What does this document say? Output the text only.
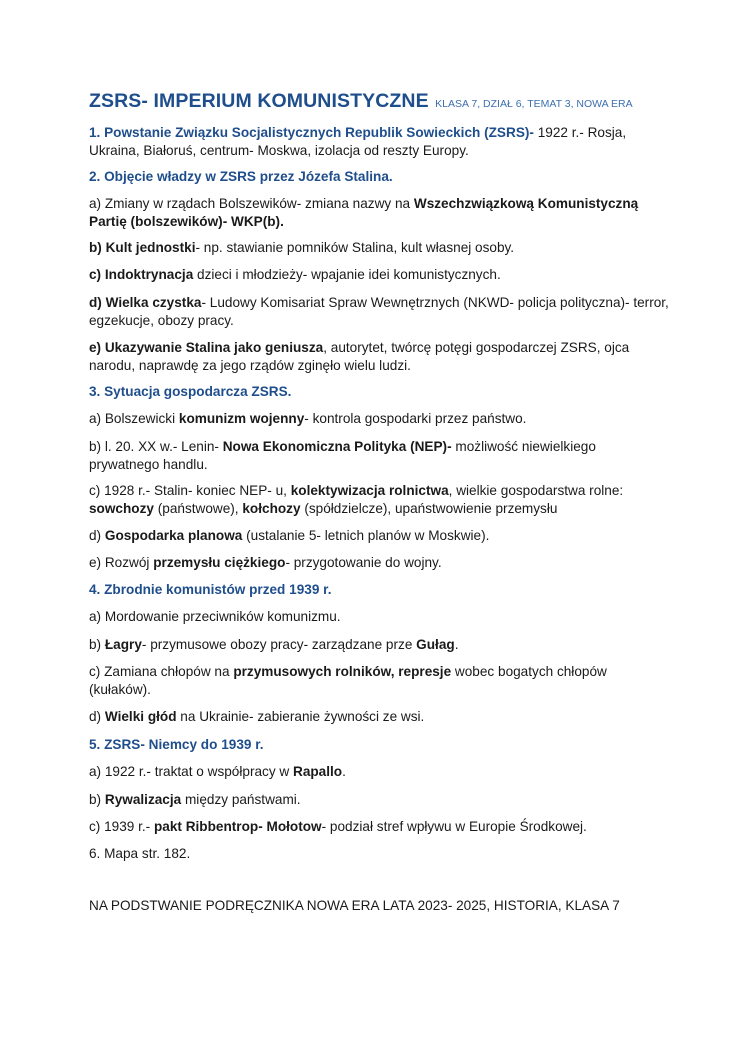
ZSRS- IMPERIUM KOMUNISTYCZNE KLASA 7, DZIAŁ 6, TEMAT 3, NOWA ERA
1. Powstanie Związku Socjalistycznych Republik Sowieckich (ZSRS)- 1922 r.- Rosja, Ukraina, Białoruś, centrum- Moskwa, izolacja od reszty Europy.
2. Objęcie władzy w ZSRS przez Józefa Stalina.
a) Zmiany w rządach Bolszewików- zmiana nazwy na Wszechzwiązkową Komunistyczną Partię (bolszewików)- WKP(b).
b) Kult jednostki- np. stawianie pomników Stalina, kult własnej osoby.
c) Indoktrynacja dzieci i młodzieży- wpajanie idei komunistycznych.
d) Wielka czystka- Ludowy Komisariat Spraw Wewnętrznych (NKWD- policja polityczna)- terror, egzekucje, obozy pracy.
e) Ukazywanie Stalina jako geniusza, autorytet, twórcę potęgi gospodarczej ZSRS, ojca narodu, naprawdę za jego rządów zginęło wielu ludzi.
3. Sytuacja gospodarcza ZSRS.
a) Bolszewicki komunizm wojenny- kontrola gospodarki przez państwo.
b) l. 20. XX w.- Lenin- Nowa Ekonomiczna Polityka (NEP)- możliwość niewielkiego prywatnego handlu.
c) 1928 r.- Stalin- koniec NEP- u, kolektywizacja rolnictwa, wielkie gospodarstwa rolne: sowchozy (państwowe), kołchozy (spółdzielcze), upaństwowienie przemysłu
d) Gospodarka planowa (ustalanie 5- letnich planów w Moskwie).
e) Rozwój przemysłu ciężkiego- przygotowanie do wojny.
4. Zbrodnie komunistów przed 1939 r.
a) Mordowanie przeciwników komunizmu.
b) Łagry- przymusowe obozy pracy- zarządzane prze Gułag.
c) Zamiana chłopów na przymusowych rolników, represje wobec bogatych chłopów (kułaków).
d) Wielki głód na Ukrainie- zabieranie żywności ze wsi.
5. ZSRS- Niemcy do 1939 r.
a) 1922 r.- traktat o współpracy w Rapallo.
b) Rywalizacja między państwami.
c) 1939 r.- pakt Ribbentrop- Mołotow- podział stref wpływu w Europie Środkowej.
6. Mapa str. 182.
NA PODSTWANIE PODRĘCZNIKA NOWA ERA LATA 2023- 2025, HISTORIA, KLASA 7
